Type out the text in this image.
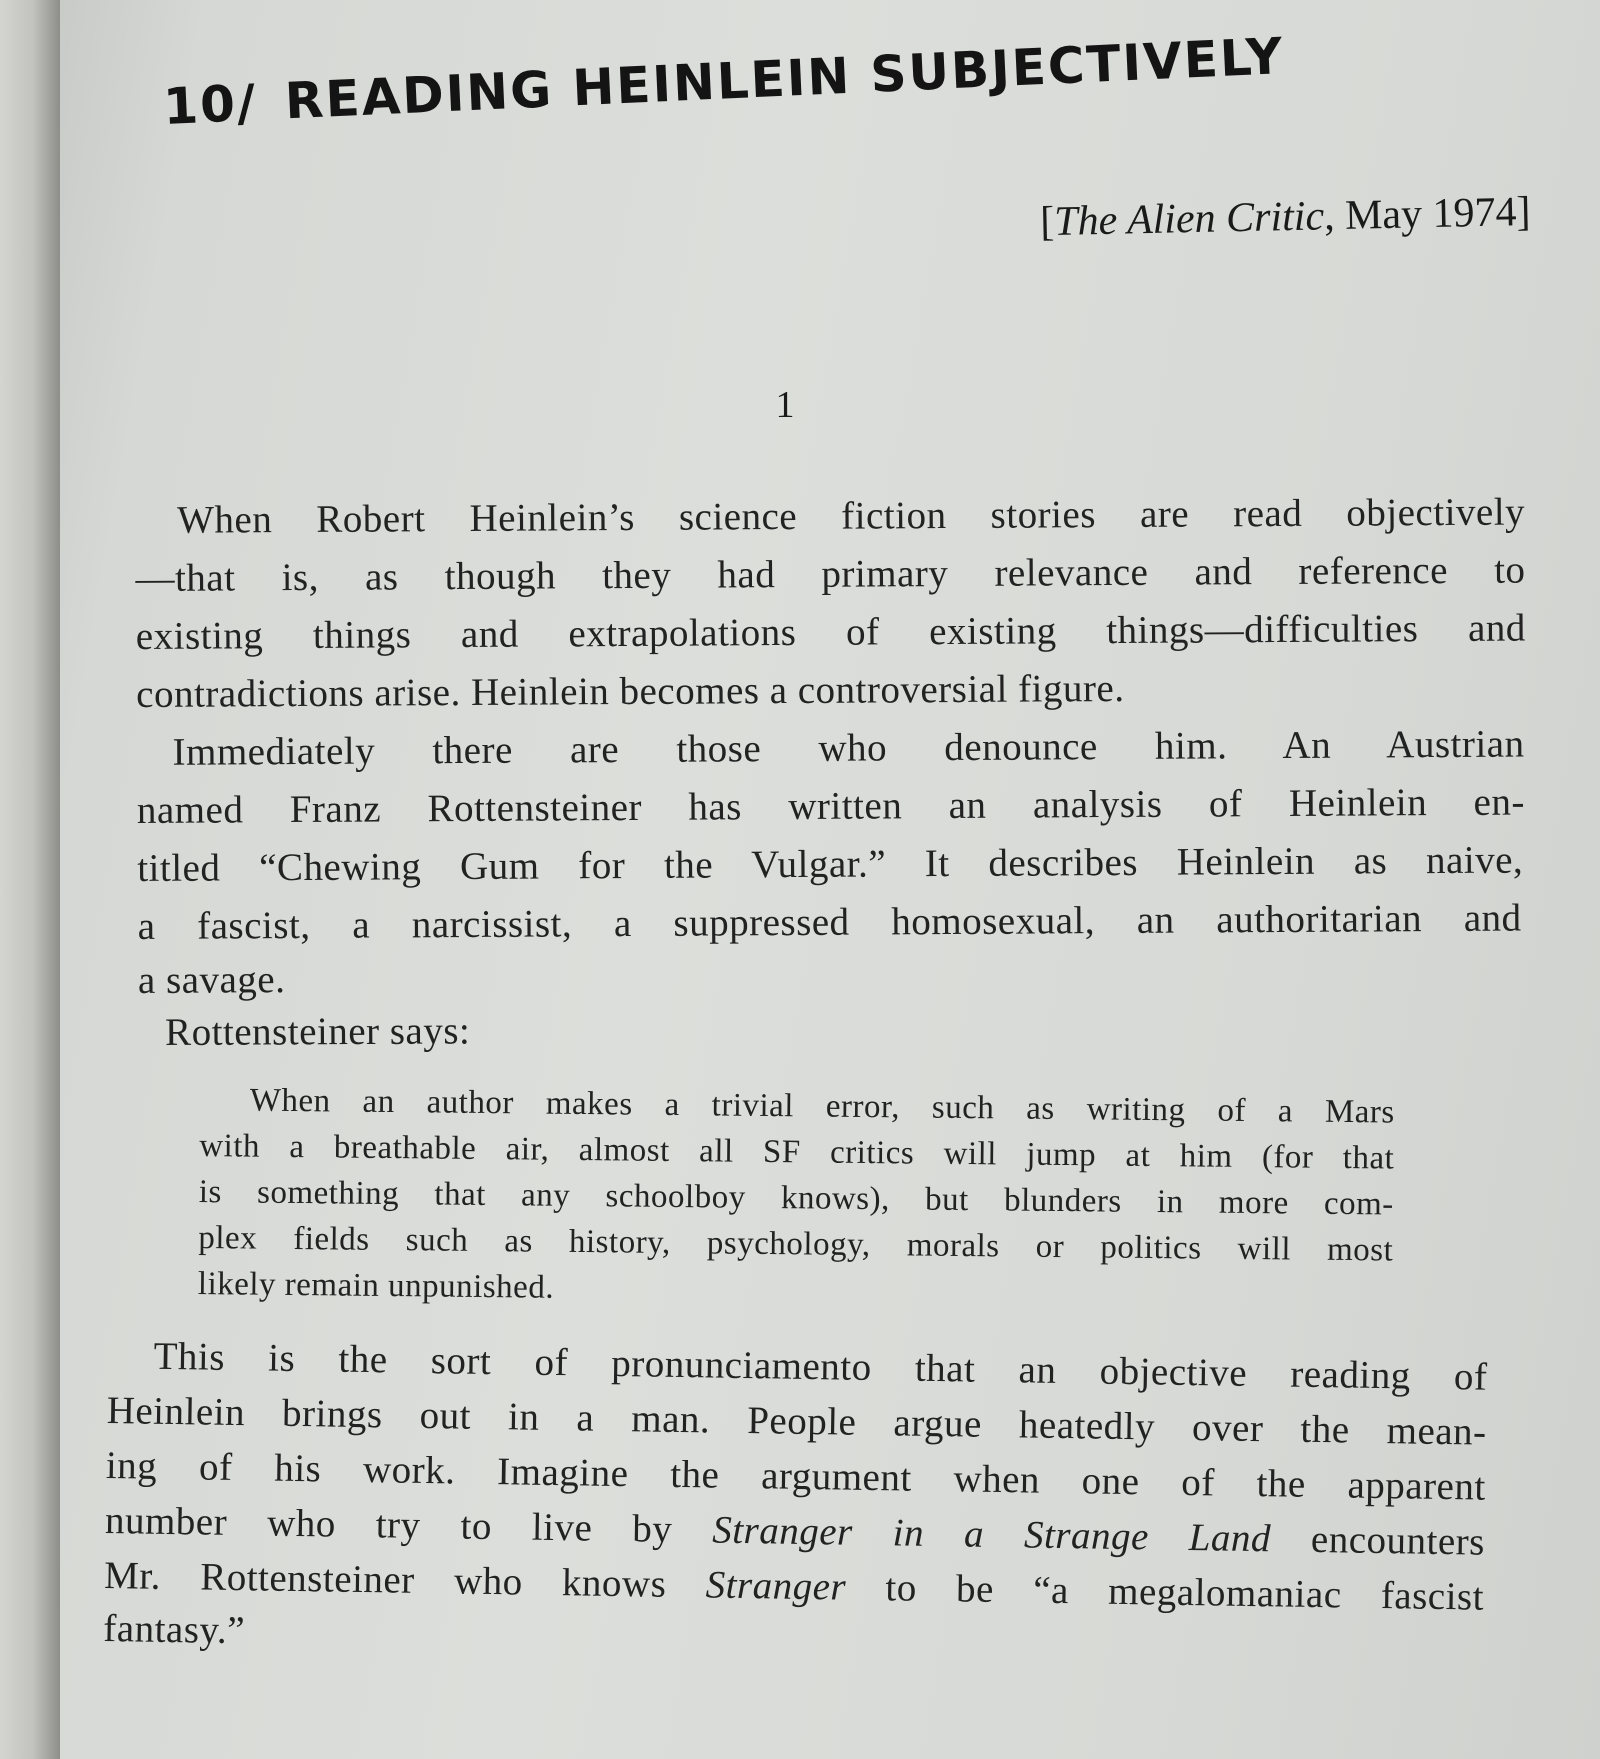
10/ READING HEINLEIN SUBJECTIVELY
[The Alien Critic, May 1974]
1
When Robert Heinlein’s science fiction stories are read objectively
—that is, as though they had primary relevance and reference to
existing things and extrapolations of existing things—difficulties and
contradictions arise. Heinlein becomes a controversial figure.
Immediately there are those who denounce him. An Austrian
named Franz Rottensteiner has written an analysis of Heinlein en-
titled “Chewing Gum for the Vulgar.” It describes Heinlein as naive,
a fascist, a narcissist, a suppressed homosexual, an authoritarian and
a savage.
Rottensteiner says:
When an author makes a trivial error, such as writing of a Mars
with a breathable air, almost all SF critics will jump at him (for that
is something that any schoolboy knows), but blunders in more com-
plex fields such as history, psychology, morals or politics will most
likely remain unpunished.
This is the sort of pronunciamento that an objective reading of
Heinlein brings out in a man. People argue heatedly over the mean-
ing of his work. Imagine the argument when one of the apparent
number who try to live by Stranger in a Strange Land encounters
Mr. Rottensteiner who knows Stranger to be “a megalomaniac fascist
fantasy.”
